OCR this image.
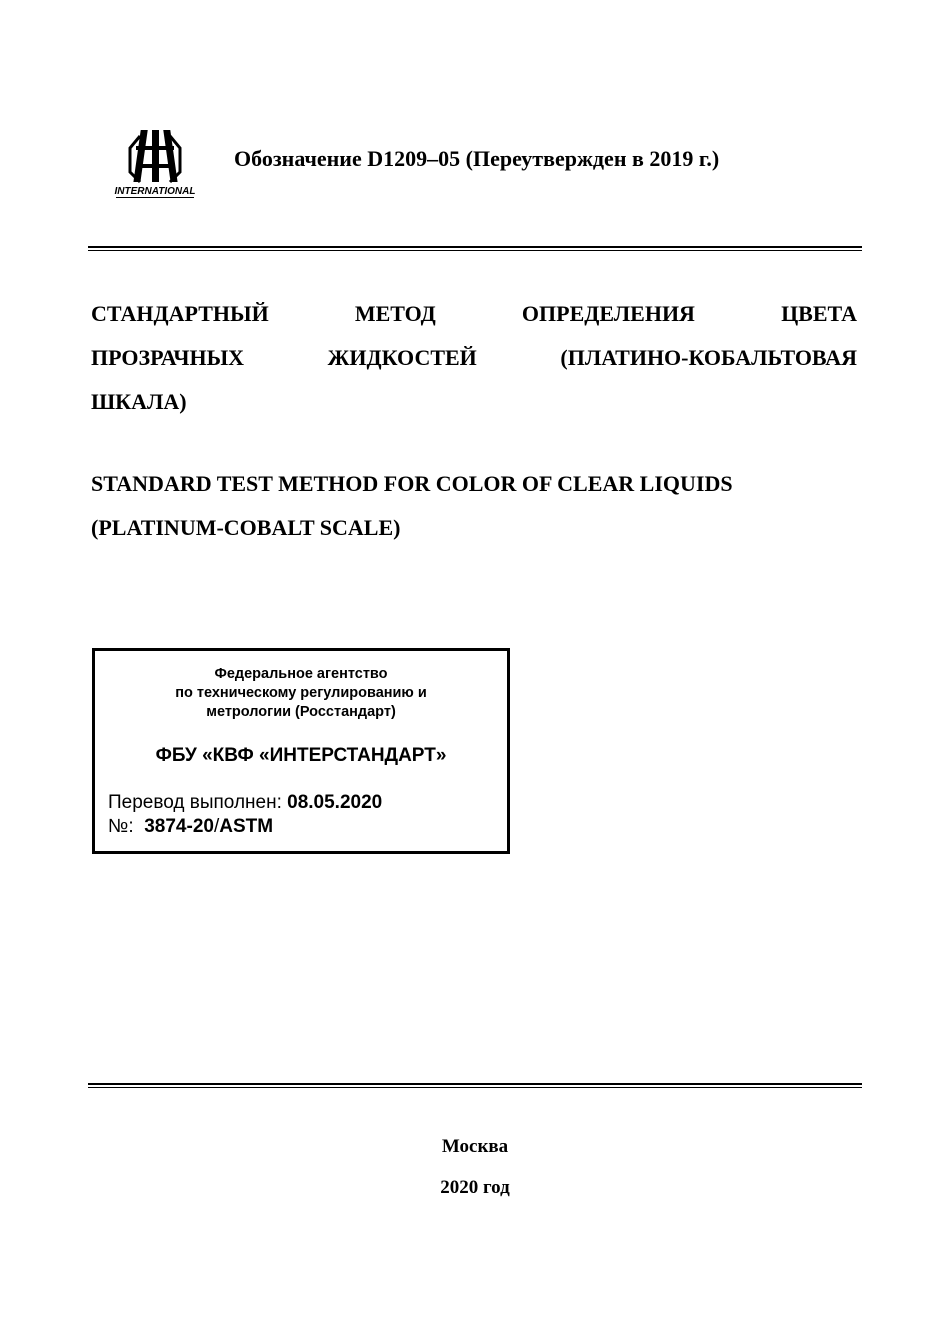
INTERNATIONAL
Обозначение D1209–05 (Переутвержден в 2019 г.)
СТАНДАРТНЫЙ	МЕТОД	ОПРЕДЕЛЕНИЯ	ЦВЕТА
ПРОЗРАЧНЫХ	ЖИДКОСТЕЙ	(ПЛАТИНО-КОБАЛЬТОВАЯ
ШКАЛА)
STANDARD TEST METHOD FOR COLOR OF CLEAR LIQUIDS
(PLATINUM-COBALT SCALE)
Федеральное агентство
по техническому регулированию и
метрологии (Росстандарт)
ФБУ «КВФ «ИНТЕРСТАНДАРТ»
Перевод выполнен: 08.05.2020
№:  3874-20/ASTM
Москва
2020 год
